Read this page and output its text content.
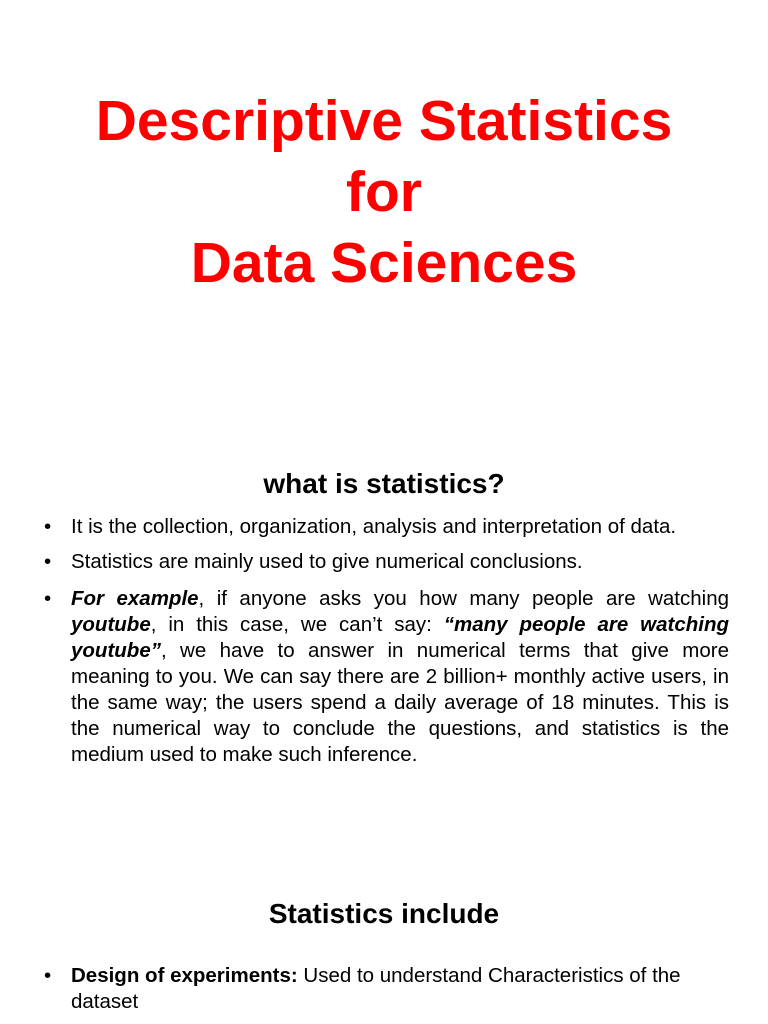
Descriptive Statistics
for
Data Sciences
what is statistics?
• It is the collection, organization, analysis and interpretation of data.
• Statistics are mainly used to give numerical conclusions.
• For example, if anyone asks you how many people are watching youtube, in this case, we can’t say: “many people are watching youtube”, we have to answer in numerical terms that give more meaning to you. We can say there are 2 billion+ monthly active users, in the same way; the users spend a daily average of 18 minutes. This is the numerical way to conclude the questions, and statistics is the medium used to make such inference.
Statistics include
• Design of experiments: Used to understand Characteristics of the dataset
